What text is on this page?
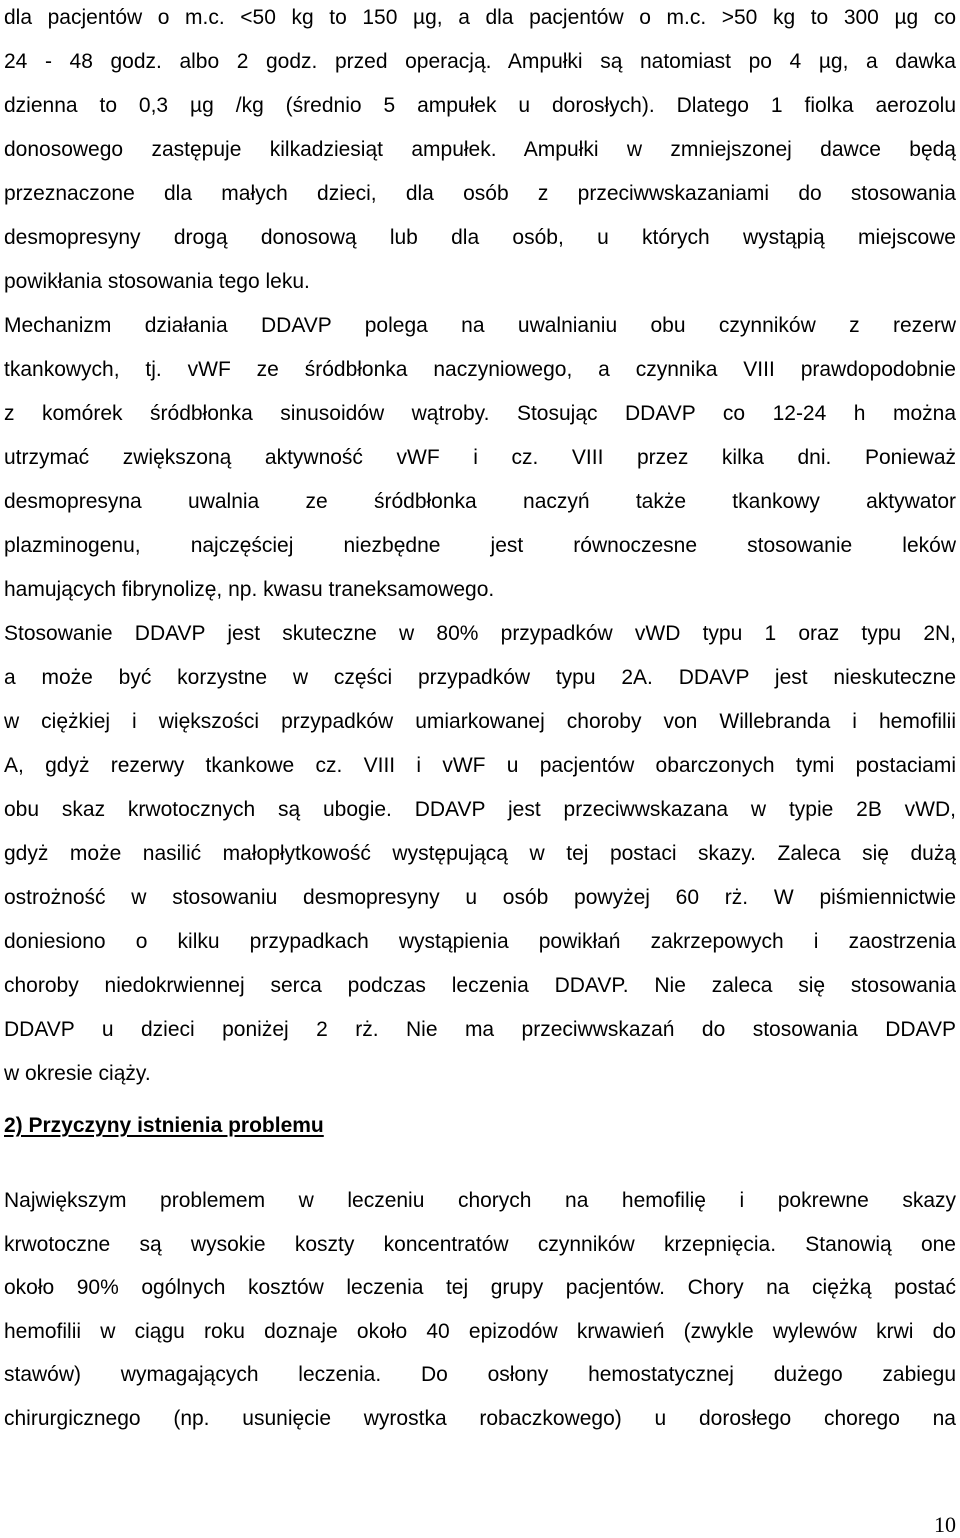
dla pacjentów o m.c. <50 kg to 150 µg, a dla pacjentów o m.c. >50 kg to 300 µg co
24 - 48 godz. albo 2 godz. przed operacją. Ampułki są natomiast po 4 µg, a dawka
dzienna to 0,3 µg /kg (średnio 5 ampułek u dorosłych). Dlatego 1 fiolka aerozolu
donosowego zastępuje kilkadziesiąt ampułek. Ampułki w zmniejszonej dawce będą
przeznaczone dla małych dzieci, dla osób z przeciwwskazaniami do stosowania
desmopresyny drogą donosową lub dla osób, u których wystąpią miejscowe
powikłania stosowania tego leku.
Mechanizm działania DDAVP polega na uwalnianiu obu czynników z rezerw
tkankowych, tj. vWF ze śródbłonka naczyniowego, a czynnika VIII prawdopodobnie
z komórek śródbłonka sinusoidów wątroby. Stosując DDAVP co 12-24 h można
utrzymać zwiększoną aktywność vWF i cz. VIII przez kilka dni. Ponieważ
desmopresyna uwalnia ze śródbłonka naczyń także tkankowy aktywator
plazminogenu, najczęściej niezbędne jest równoczesne stosowanie leków
hamujących fibrynolizę, np. kwasu traneksamowego.
Stosowanie DDAVP jest skuteczne w 80% przypadków vWD typu 1 oraz typu 2N,
a może być korzystne w części przypadków typu 2A. DDAVP jest nieskuteczne
w ciężkiej i większości przypadków umiarkowanej choroby von Willebranda i hemofilii
A, gdyż rezerwy tkankowe cz. VIII i vWF u pacjentów obarczonych tymi postaciami
obu skaz krwotocznych są ubogie. DDAVP jest przeciwwskazana w typie 2B vWD,
gdyż może nasilić małopłytkowość występującą w tej postaci skazy. Zaleca się dużą
ostrożność w stosowaniu desmopresyny u osób powyżej 60 rż. W piśmiennictwie
doniesiono o kilku przypadkach wystąpienia powikłań zakrzepowych i zaostrzenia
choroby niedokrwiennej serca podczas leczenia DDAVP. Nie zaleca się stosowania
DDAVP u dzieci poniżej 2 rż. Nie ma przeciwwskazań do stosowania DDAVP
w okresie ciąży.
2) Przyczyny istnienia problemu
Największym problemem w leczeniu chorych na hemofilię i pokrewne skazy
krwotoczne są wysokie koszty koncentratów czynników krzepnięcia. Stanowią one
około 90% ogólnych kosztów leczenia tej grupy pacjentów. Chory na ciężką postać
hemofilii w ciągu roku doznaje około 40 epizodów krwawień (zwykle wylewów krwi do
stawów) wymagających leczenia. Do osłony hemostatycznej dużego zabiegu
chirurgicznego (np. usunięcie wyrostka robaczkowego) u dorosłego chorego na
10
